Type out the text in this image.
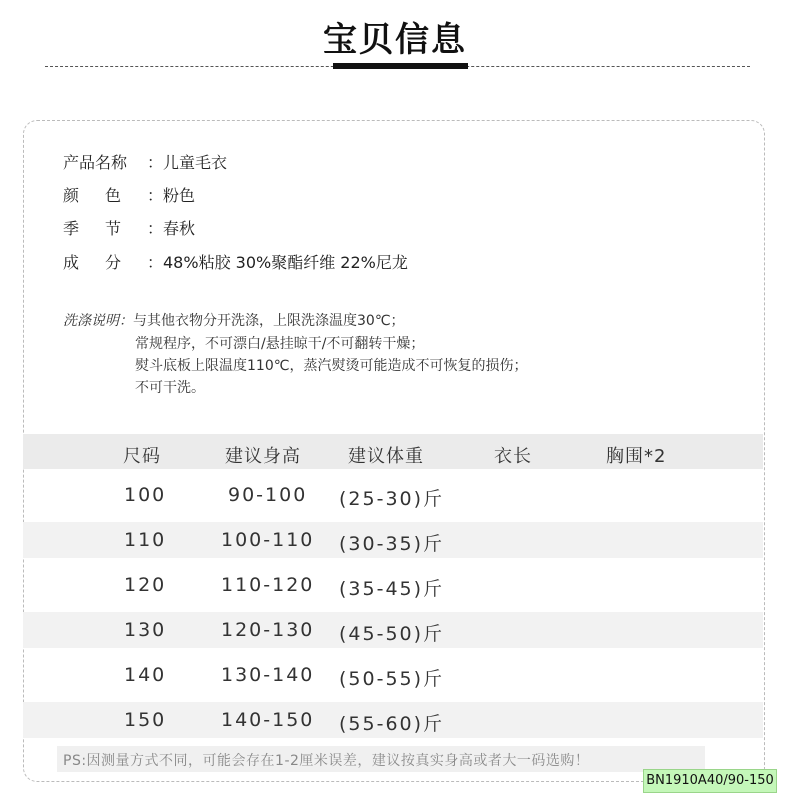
宝贝信息
产品名称 ：儿童毛衣
颜色：粉色
季节：春秋
成分：48%粘胶 30%聚酯纤维 22%尼龙
洗涤说明：与其他衣物分开洗涤，上限洗涤温度30℃；
常规程序，不可漂白/悬挂晾干/不可翻转干燥；
熨斗底板上限温度110℃，蒸汽熨烫可能造成不可恢复的损伤；
不可干洗。
尺码	建议身高	建议体重	衣长	胸围*2
100	90-100 (25-30)斤
110	100-110 (30-35)斤
120	110-120 (35-45)斤
130	120-130 (45-50)斤
140	130-140 (50-55)斤
150	140-150 (55-60)斤
PS:因测量方式不同，可能会存在1-2厘米误差，建议按真实身高或者大一码选购！
BN1910A40/90-150
